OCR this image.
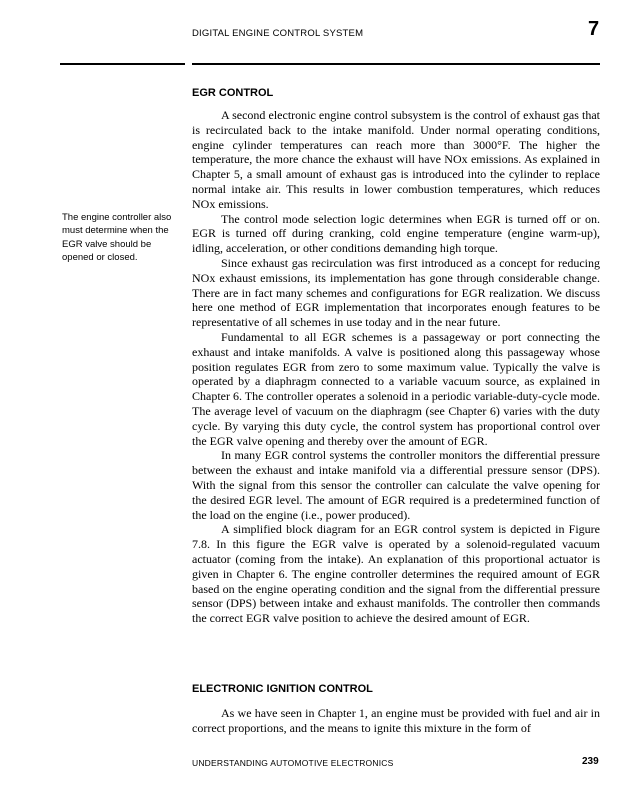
DIGITAL ENGINE CONTROL SYSTEM	7
EGR CONTROL
The engine controller also must determine when the EGR valve should be opened or closed.

A second electronic engine control subsystem is the control of exhaust gas that is recirculated back to the intake manifold. Under normal operating conditions, engine cylinder temperatures can reach more than 3000°F. The higher the temperature, the more chance the exhaust will have NOx emissions. As explained in Chapter 5, a small amount of exhaust gas is introduced into the cylinder to replace normal intake air. This results in lower combustion temperatures, which reduces NOx emissions.

The control mode selection logic determines when EGR is turned off or on. EGR is turned off during cranking, cold engine temperature (engine warm-up), idling, acceleration, or other conditions demanding high torque.

Since exhaust gas recirculation was first introduced as a concept for reducing NOx exhaust emissions, its implementation has gone through considerable change. There are in fact many schemes and configurations for EGR realization. We discuss here one method of EGR implementation that incorporates enough features to be representative of all schemes in use today and in the near future.

Fundamental to all EGR schemes is a passageway or port connecting the exhaust and intake manifolds. A valve is positioned along this passageway whose position regulates EGR from zero to some maximum value. Typically the valve is operated by a diaphragm connected to a variable vacuum source, as explained in Chapter 6. The controller operates a solenoid in a periodic variable-duty-cycle mode. The average level of vacuum on the diaphragm (see Chapter 6) varies with the duty cycle. By varying this duty cycle, the control system has proportional control over the EGR valve opening and thereby over the amount of EGR.

In many EGR control systems the controller monitors the differential pressure between the exhaust and intake manifold via a differential pressure sensor (DPS). With the signal from this sensor the controller can calculate the valve opening for the desired EGR level. The amount of EGR required is a predetermined function of the load on the engine (i.e., power produced).

A simplified block diagram for an EGR control system is depicted in Figure 7.8. In this figure the EGR valve is operated by a solenoid-regulated vacuum actuator (coming from the intake). An explanation of this proportional actuator is given in Chapter 6. The engine controller determines the required amount of EGR based on the engine operating condition and the signal from the differential pressure sensor (DPS) between intake and exhaust manifolds. The controller then commands the correct EGR valve position to achieve the desired amount of EGR.

ELECTRONIC IGNITION CONTROL

As we have seen in Chapter 1, an engine must be provided with fuel and air in correct proportions, and the means to ignite this mixture in the form of

UNDERSTANDING AUTOMOTIVE ELECTRONICS	239
